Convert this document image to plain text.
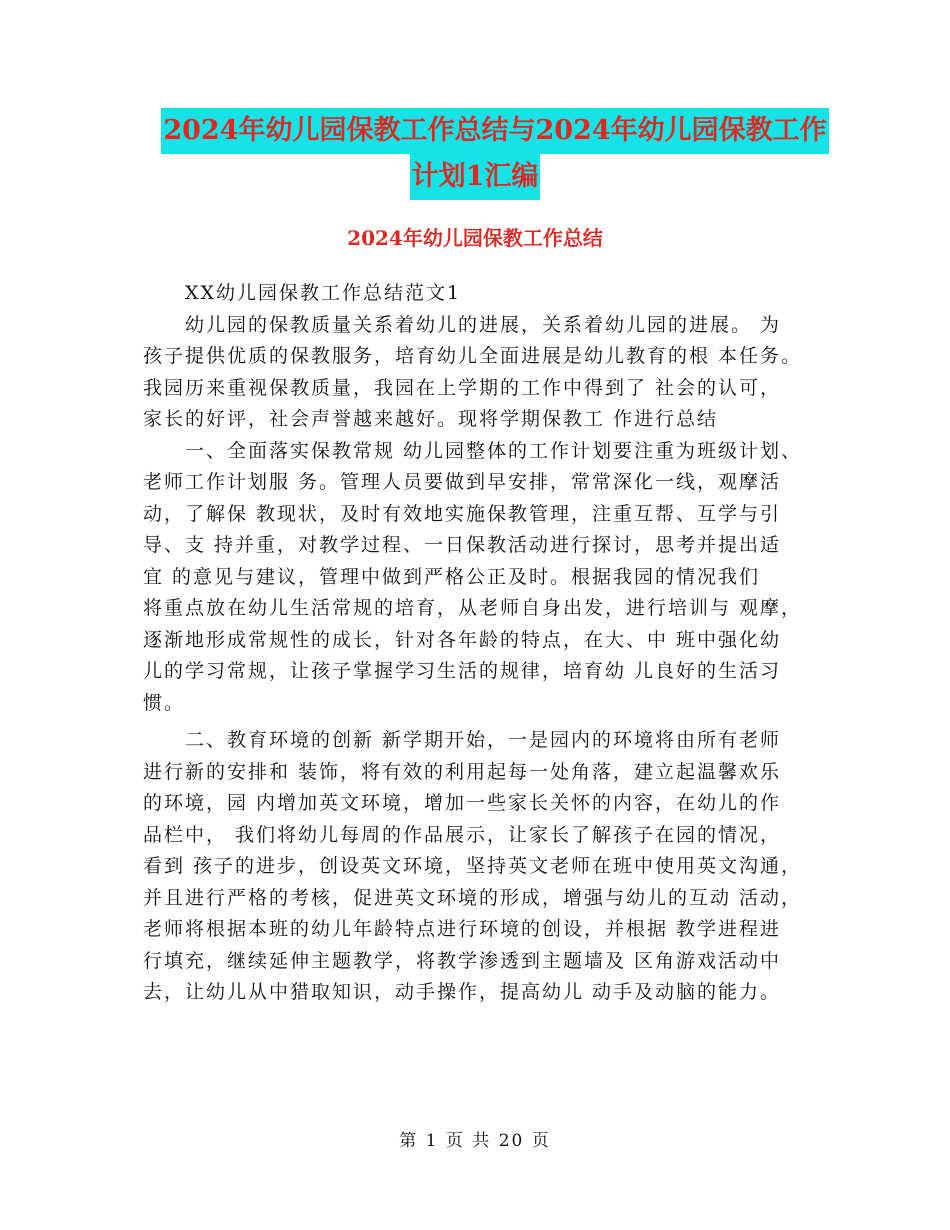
2024年幼儿园保教工作总结与2024年幼儿园保教工作
计划1汇编
2024年幼儿园保教工作总结
XX幼儿园保教工作总结范文1
幼儿园的保教质量关系着幼儿的进展，关系着幼儿园的进展。 为
孩子提供优质的保教服务，培育幼儿全面进展是幼儿教育的根 本任务。
我园历来重视保教质量，我园在上学期的工作中得到了 社会的认可，
家长的好评，社会声誉越来越好。现将学期保教工 作进行总结
一、全面落实保教常规 幼儿园整体的工作计划要注重为班级计划、
老师工作计划服 务。管理人员要做到早安排，常常深化一线，观摩活
动，了解保 教现状，及时有效地实施保教管理，注重互帮、互学与引
导、支 持并重，对教学过程、一日保教活动进行探讨，思考并提出适
宜 的意见与建议，管理中做到严格公正及时。根据我园的情况我们
将重点放在幼儿生活常规的培育，从老师自身出发，进行培训与 观摩，
逐渐地形成常规性的成长，针对各年龄的特点，在大、中 班中强化幼
儿的学习常规，让孩子掌握学习生活的规律，培育幼 儿良好的生活习
惯。
二、教育环境的创新 新学期开始，一是园内的环境将由所有老师
进行新的安排和 装饰，将有效的利用起每一处角落，建立起温馨欢乐
的环境，园 内增加英文环境，增加一些家长关怀的内容，在幼儿的作
品栏中， 我们将幼儿每周的作品展示，让家长了解孩子在园的情况，
看到 孩子的进步，创设英文环境，坚持英文老师在班中使用英文沟通，
并且进行严格的考核，促进英文环境的形成，增强与幼儿的互动 活动，
老师将根据本班的幼儿年龄特点进行环境的创设，并根据 教学进程进
行填充，继续延伸主题教学，将教学渗透到主题墙及 区角游戏活动中
去，让幼儿从中猎取知识，动手操作，提高幼儿 动手及动脑的能力。
第 1 页 共 20 页
